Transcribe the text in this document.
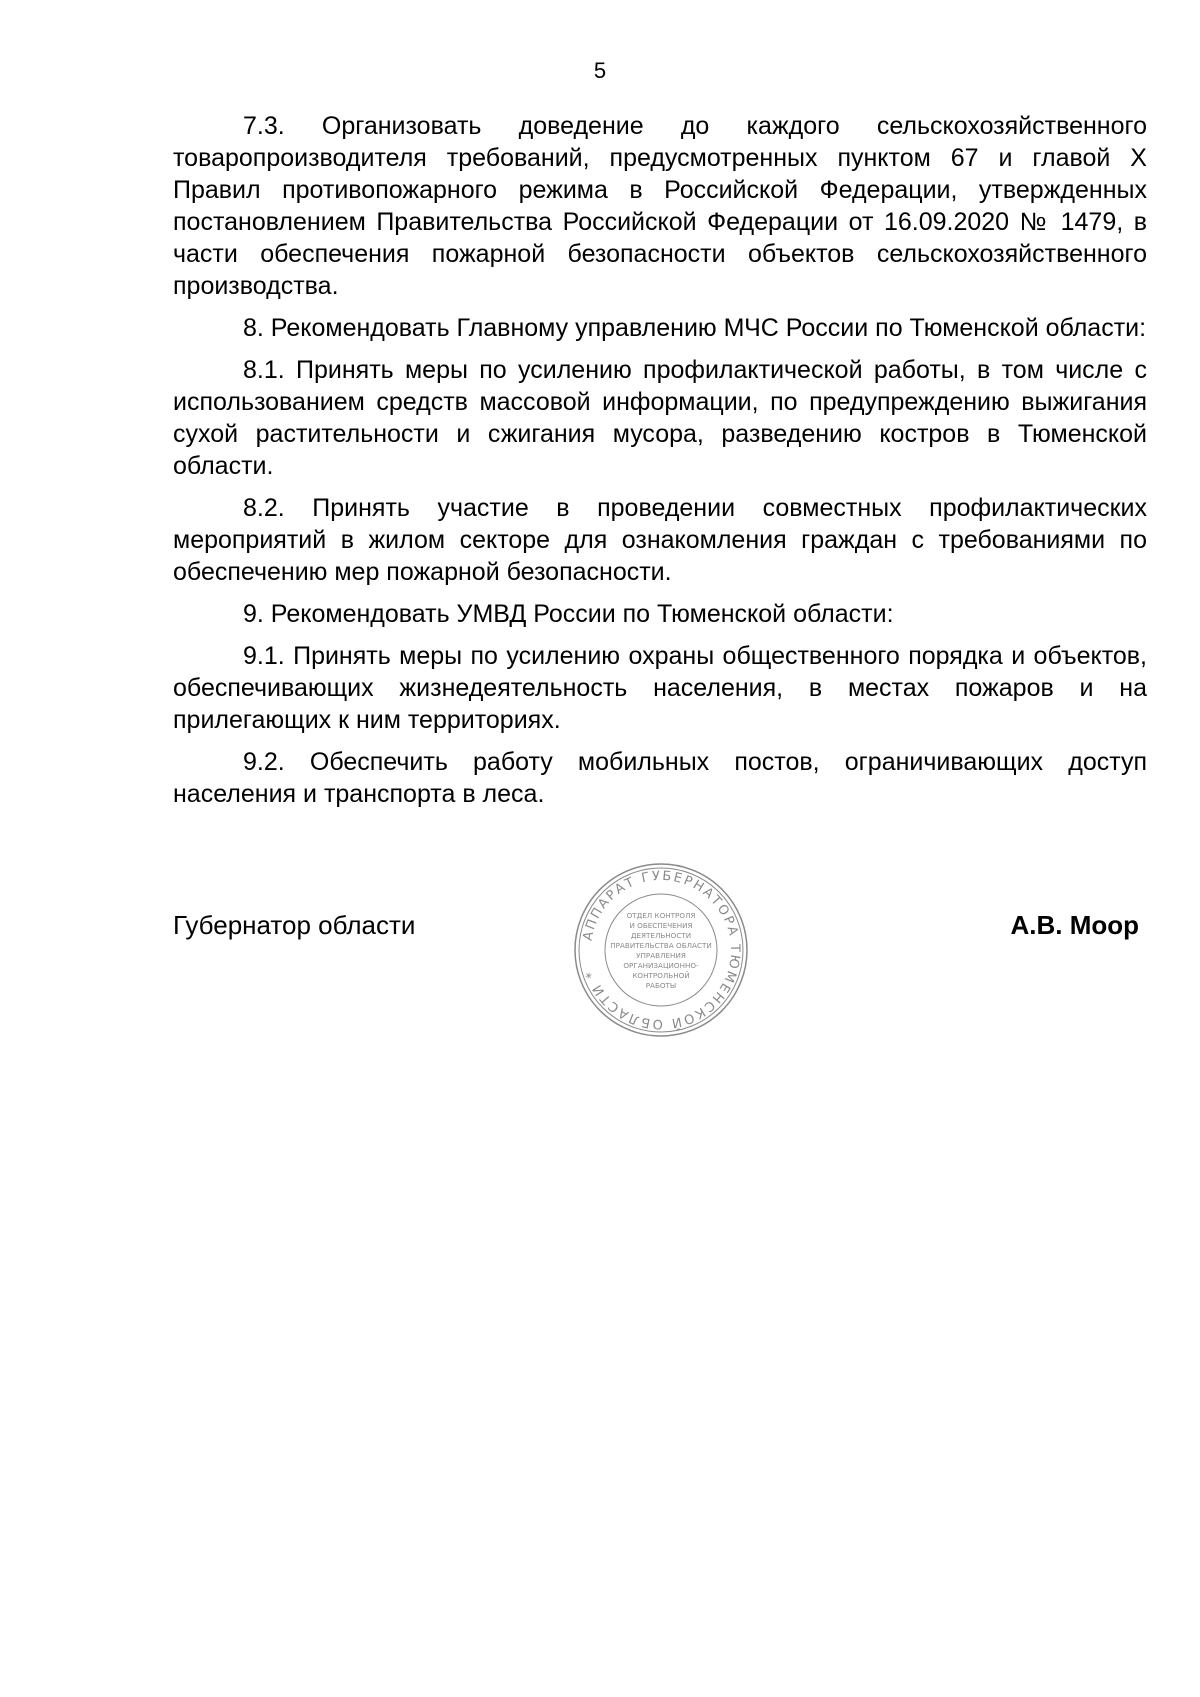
5

7.3. Организовать доведение до каждого сельскохозяйственного товаропроизводителя требований, предусмотренных пунктом 67 и главой X Правил противопожарного режима в Российской Федерации, утвержденных постановлением Правительства Российской Федерации от 16.09.2020 № 1479, в части обеспечения пожарной безопасности объектов сельскохозяйственного производства.

8. Рекомендовать Главному управлению МЧС России по Тюменской области:

8.1. Принять меры по усилению профилактической работы, в том числе с использованием средств массовой информации, по предупреждению выжигания сухой растительности и сжигания мусора, разведению костров в Тюменской области.

8.2. Принять участие в проведении совместных профилактических мероприятий в жилом секторе для ознакомления граждан с требованиями по обеспечению мер пожарной безопасности.

9. Рекомендовать УМВД России по Тюменской области:

9.1. Принять меры по усилению охраны общественного порядка и объектов, обеспечивающих жизнедеятельность населения, в местах пожаров и на прилегающих к ним территориях.

9.2. Обеспечить работу мобильных постов, ограничивающих доступ населения и транспорта в леса.

Губернатор области	АППАРАТ ГУБЕРНАТОРА ТЮМЕНСКОЙ ОБЛАСТИ *
ОТДЕЛ КОНТРОЛЯ
И ОБЕСПЕЧЕНИЯ
ДЕЯТЕЛЬНОСТИ
ПРАВИТЕЛЬСТВА ОБЛАСТИ
УПРАВЛЕНИЯ
ОРГАНИЗАЦИОННО-
КОНТРОЛЬНОЙ
РАБОТЫ
А.В. Моор
